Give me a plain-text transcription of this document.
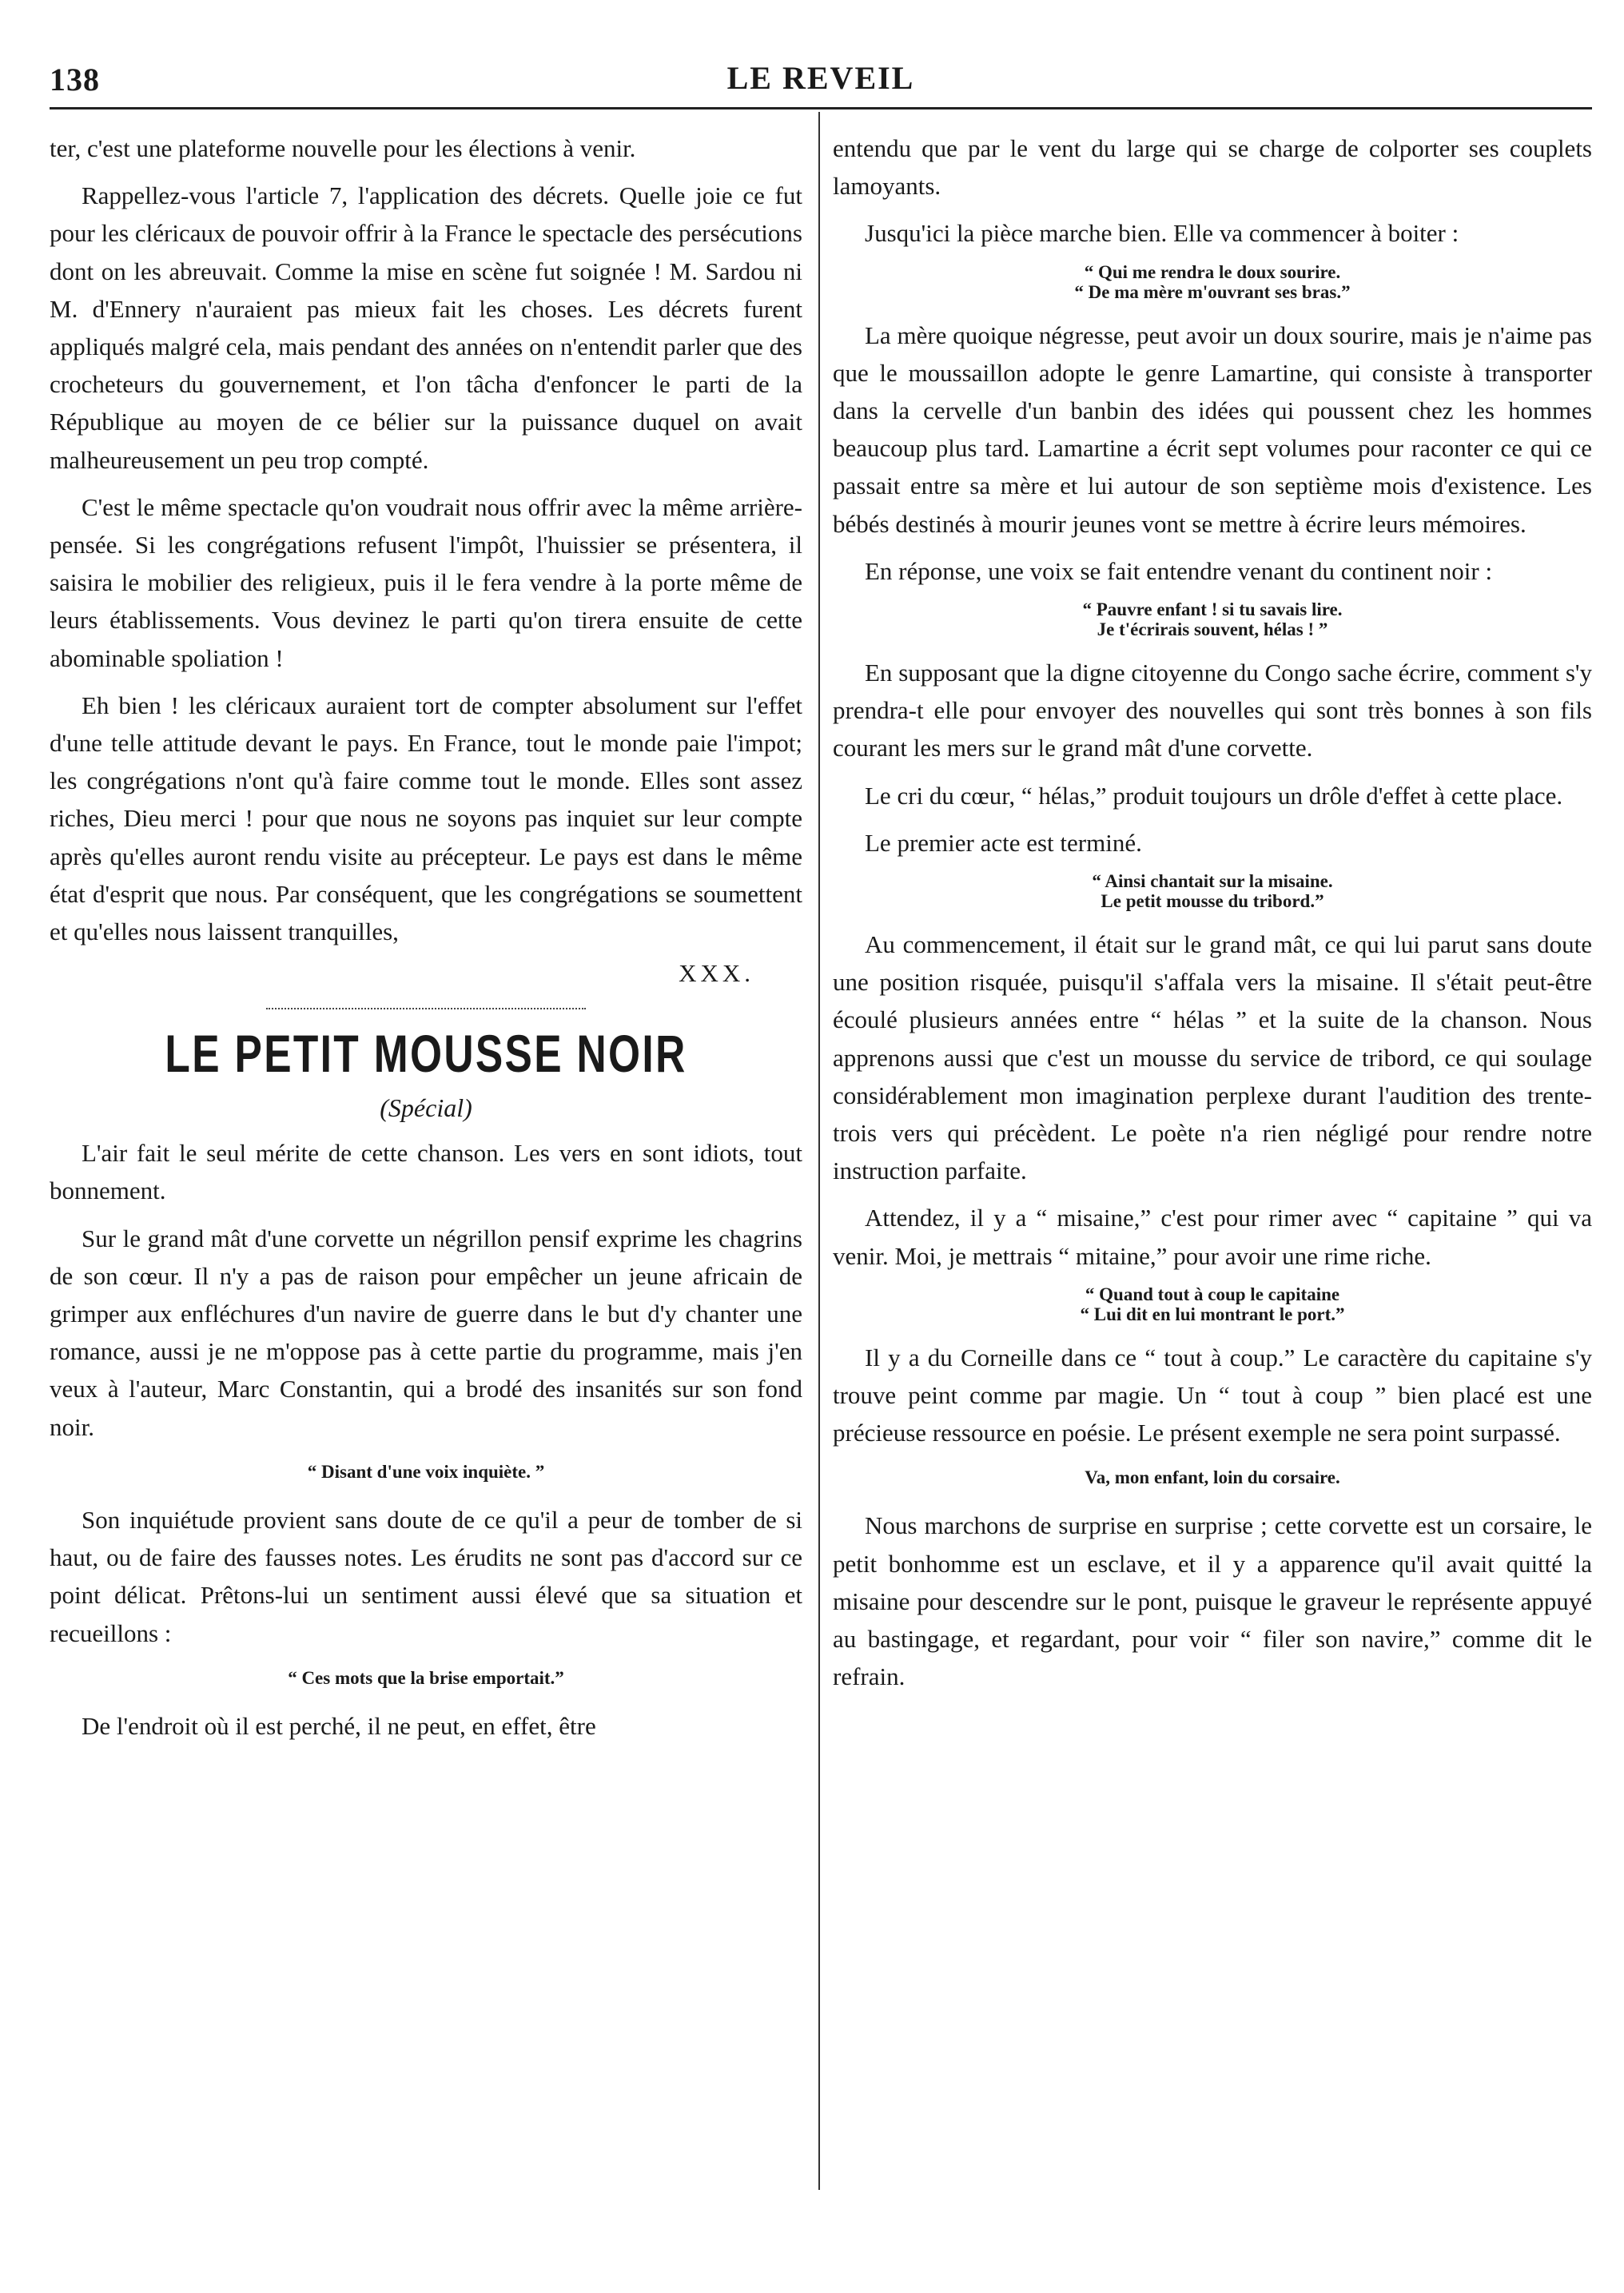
138	LE REVEIL

ter, c'est une plateforme nouvelle pour les élections à venir.

Rappellez-vous l'article 7, l'application des décrets. Quelle joie ce fut pour les cléricaux de pouvoir offrir à la France le spectacle des persécutions dont on les abreuvait. Comme la mise en scène fut soignée ! M. Sardou ni M. d'Ennery n'auraient pas mieux fait les choses. Les décrets furent appliqués malgré cela, mais pendant des années on n'entendit parler que des crocheteurs du gouvernement, et l'on tâcha d'enfoncer le parti de la République au moyen de ce bélier sur la puissance duquel on avait malheureusement un peu trop compté.

C'est le même spectacle qu'on voudrait nous offrir avec la même arrière-pensée. Si les congrégations refusent l'impôt, l'huissier se présentera, il saisira le mobilier des religieux, puis il le fera vendre à la porte même de leurs établissements. Vous devinez le parti qu'on tirera ensuite de cette abominable spoliation !

Eh bien ! les cléricaux auraient tort de compter absolument sur l'effet d'une telle attitude devant le pays. En France, tout le monde paie l'impot; les congrégations n'ont qu'à faire comme tout le monde. Elles sont assez riches, Dieu merci ! pour que nous ne soyons pas inquiet sur leur compte après qu'elles auront rendu visite au précepteur. Le pays est dans le même état d'esprit que nous. Par conséquent, que les congrégations se soumettent et qu'elles nous laissent tranquilles,

XXX.
LE PETIT MOUSSE NOIR
(Spécial)

L'air fait le seul mérite de cette chanson. Les vers en sont idiots, tout bonnement.

Sur le grand mât d'une corvette un négrillon pensif exprime les chagrins de son cœur. Il n'y a pas de raison pour empêcher un jeune africain de grimper aux enfléchures d'un navire de guerre dans le but d'y chanter une romance, aussi je ne m'oppose pas à cette partie du programme, mais j'en veux à l'auteur, Marc Constantin, qui a brodé des insanités sur son fond noir.

“ Disant d'une voix inquiète. ”

Son inquiétude provient sans doute de ce qu'il a peur de tomber de si haut, ou de faire des fausses notes. Les érudits ne sont pas d'accord sur ce point délicat. Prêtons-lui un sentiment aussi élevé que sa situation et recueillons :

“ Ces mots que la brise emportait.”

De l'endroit où il est perché, il ne peut, en effet, être

entendu que par le vent du large qui se charge de colporter ses couplets lamoyants.

Jusqu'ici la pièce marche bien. Elle va commencer à boiter :

“ Qui me rendra le doux sourire.
“ De ma mère m'ouvrant ses bras.”

La mère quoique négresse, peut avoir un doux sourire, mais je n'aime pas que le moussaillon adopte le genre Lamartine, qui consiste à transporter dans la cervelle d'un banbin des idées qui poussent chez les hommes beaucoup plus tard. Lamartine a écrit sept volumes pour raconter ce qui ce passait entre sa mère et lui autour de son septième mois d'existence. Les bébés destinés à mourir jeunes vont se mettre à écrire leurs mémoires.

En réponse, une voix se fait entendre venant du continent noir :

“ Pauvre enfant ! si tu savais lire.
Je t'écrirais souvent, hélas ! ”

En supposant que la digne citoyenne du Congo sache écrire, comment s'y prendra-t elle pour envoyer des nouvelles qui sont très bonnes à son fils courant les mers sur le grand mât d'une corvette.

Le cri du cœur, “ hélas,” produit toujours un drôle d'effet à cette place.

Le premier acte est terminé.

“ Ainsi chantait sur la misaine.
Le petit mousse du tribord.”

Au commencement, il était sur le grand mât, ce qui lui parut sans doute une position risquée, puisqu'il s'affala vers la misaine. Il s'était peut-être écoulé plusieurs années entre “ hélas ” et la suite de la chanson. Nous apprenons aussi que c'est un mousse du service de tribord, ce qui soulage considérablement mon imagination perplexe durant l'audition des trente-trois vers qui précèdent. Le poète n'a rien négligé pour rendre notre instruction parfaite.

Attendez, il y a “ misaine,” c'est pour rimer avec “ capitaine ” qui va venir. Moi, je mettrais “ mitaine,” pour avoir une rime riche.

“ Quand tout à coup le capitaine
“ Lui dit en lui montrant le port.”

Il y a du Corneille dans ce “ tout à coup.” Le caractère du capitaine s'y trouve peint comme par magie. Un “ tout à coup ” bien placé est une précieuse ressource en poésie. Le présent exemple ne sera point surpassé.

Va, mon enfant, loin du corsaire.

Nous marchons de surprise en surprise ; cette corvette est un corsaire, le petit bonhomme est un esclave, et il y a apparence qu'il avait quitté la misaine pour descendre sur le pont, puisque le graveur le représente appuyé au bastingage, et regardant, pour voir “ filer son navire,” comme dit le refrain.
